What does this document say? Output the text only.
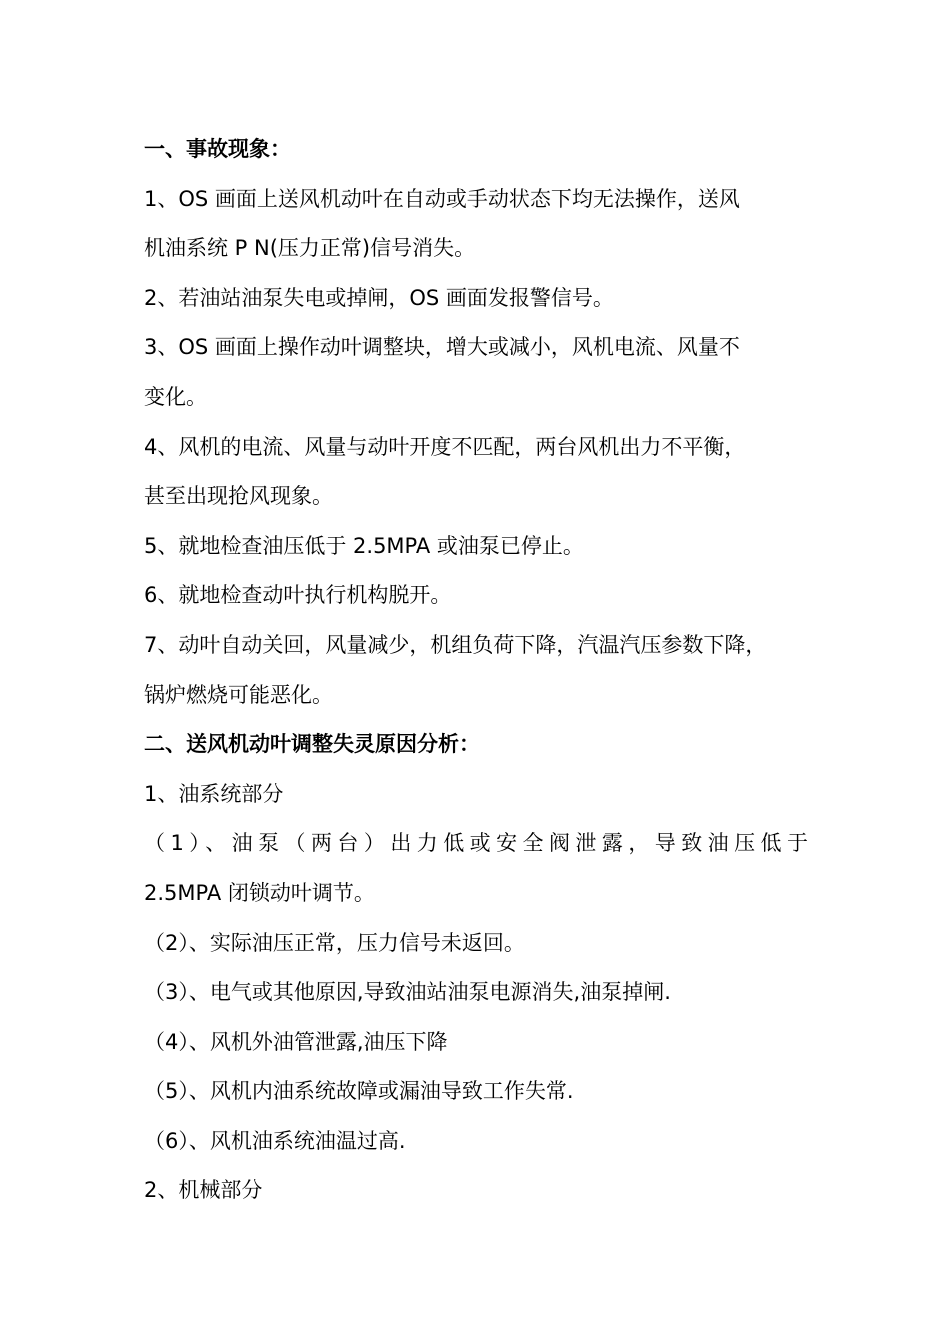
一、事故现象：

1、OS 画面上送风机动叶在自动或手动状态下均无法操作，送风

机油系统 P N(压力正常)信号消失。

2、若油站油泵失电或掉闸，OS 画面发报警信号。

3、OS 画面上操作动叶调整块，增大或减小，风机电流、风量不

变化。

4、风机的电流、风量与动叶开度不匹配，两台风机出力不平衡，

甚至出现抢风现象。

5、就地检查油压低于 2.5MPA 或油泵已停止。

6、就地检查动叶执行机构脱开。

7、动叶自动关回，风量减少，机组负荷下降，汽温汽压参数下降，

锅炉燃烧可能恶化。

二、送风机动叶调整失灵原因分析：

1、油系统部分

（1）、油泵（两台）出力低或安全阀泄露，导致油压低于

2.5MPA 闭锁动叶调节。

（2）、实际油压正常，压力信号未返回。

（3）、电气或其他原因,导致油站油泵电源消失,油泵掉闸.

（4）、风机外油管泄露,油压下降

（5）、风机内油系统故障或漏油导致工作失常.

（6）、风机油系统油温过高.

2、机械部分
